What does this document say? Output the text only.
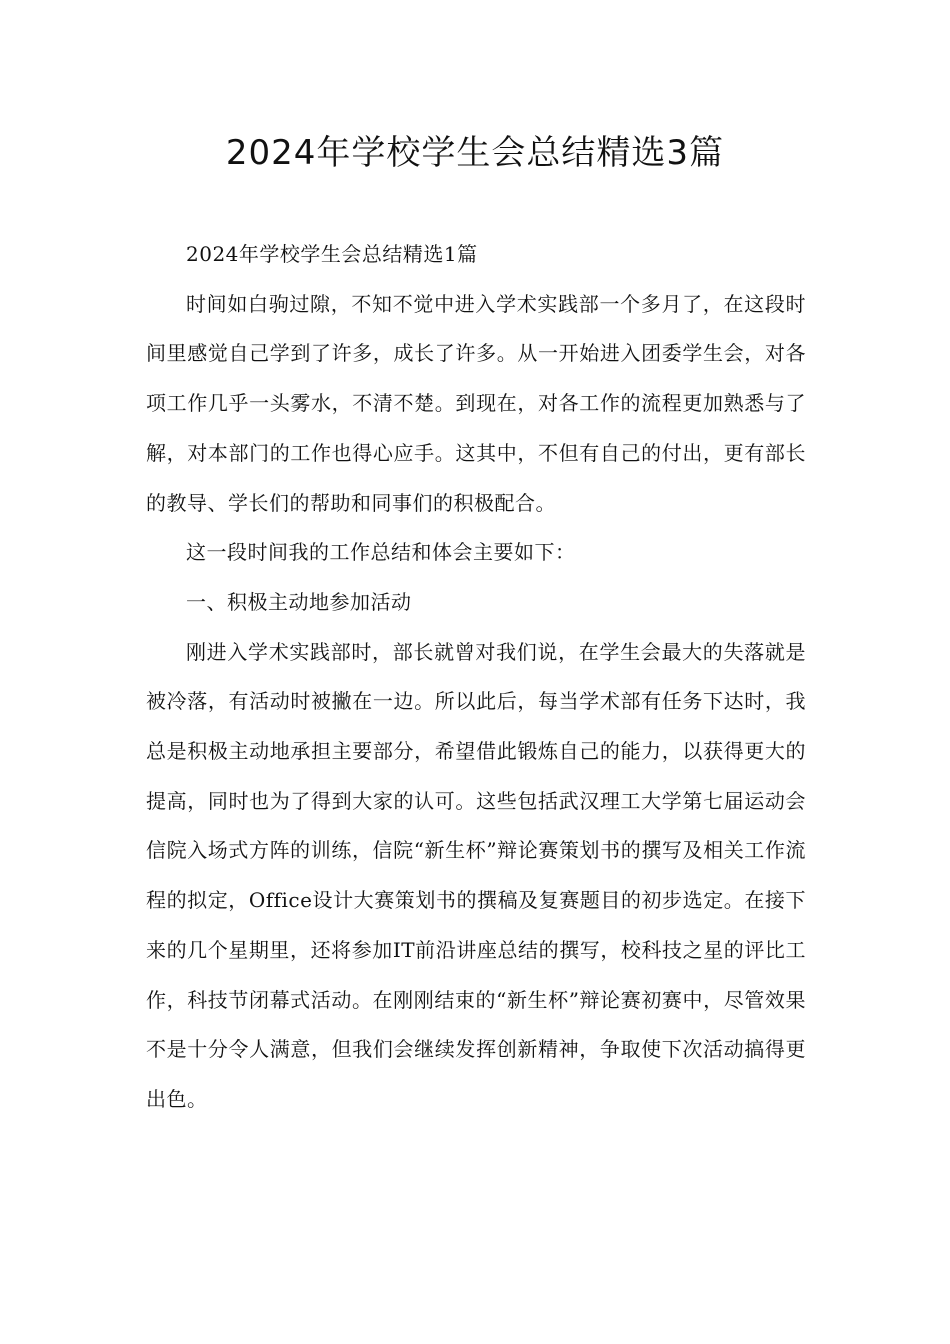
2024年学校学生会总结精选3篇

2024年学校学生会总结精选1篇

时间如白驹过隙，不知不觉中进入学术实践部一个多月了，在这段时间里感觉自己学到了许多，成长了许多。从一开始进入团委学生会，对各项工作几乎一头雾水，不清不楚。到现在，对各工作的流程更加熟悉与了解，对本部门的工作也得心应手。这其中，不但有自己的付出，更有部长的教导、学长们的帮助和同事们的积极配合。

这一段时间我的工作总结和体会主要如下：

一、积极主动地参加活动

刚进入学术实践部时，部长就曾对我们说，在学生会最大的失落就是被冷落，有活动时被撇在一边。所以此后，每当学术部有任务下达时，我总是积极主动地承担主要部分，希望借此锻炼自己的能力，以获得更大的提高，同时也为了得到大家的认可。这些包括武汉理工大学第七届运动会信院入场式方阵的训练，信院“新生杯”辩论赛策划书的撰写及相关工作流程的拟定，Office设计大赛策划书的撰稿及复赛题目的初步选定。在接下来的几个星期里，还将参加IT前沿讲座总结的撰写，校科技之星的评比工作，科技节闭幕式活动。在刚刚结束的“新生杯”辩论赛初赛中，尽管效果不是十分令人满意，但我们会继续发挥创新精神，争取使下次活动搞得更出色。
